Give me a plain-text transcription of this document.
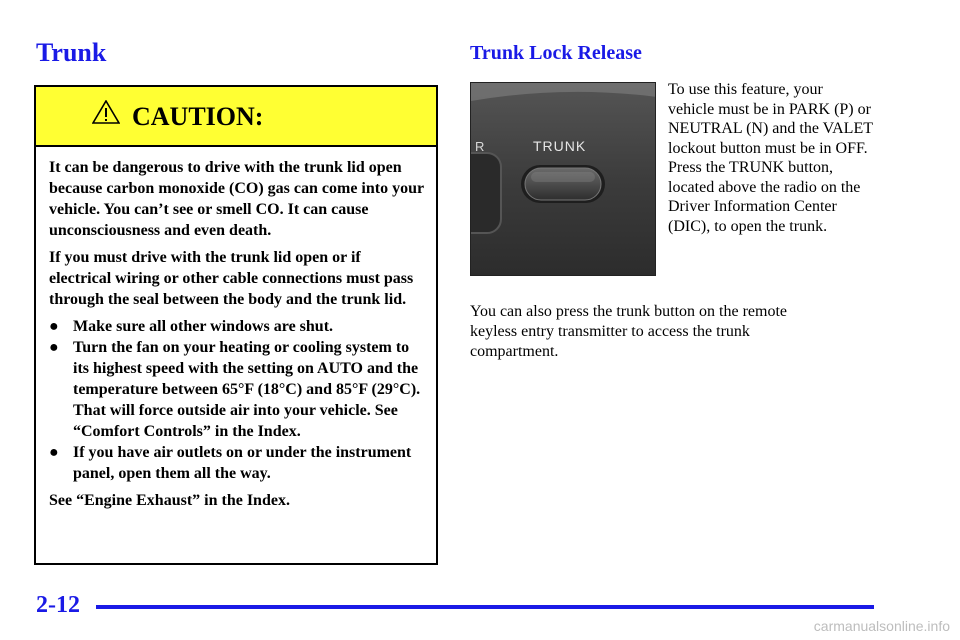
Trunk
CAUTION:

It can be dangerous to drive with the trunk lid open because carbon monoxide (CO) gas can come into your vehicle. You can’t see or smell CO. It can cause unconsciousness and even death.

If you must drive with the trunk lid open or if electrical wiring or other cable connections must pass through the seal between the body and the trunk lid.

● Make sure all other windows are shut.
● Turn the fan on your heating or cooling system to its highest speed with the setting on AUTO and the temperature between 65°F (18°C) and 85°F (29°C). That will force outside air into your vehicle. See “Comfort Controls” in the Index.
● If you have air outlets on or under the instrument panel, open them all the way.

See “Engine Exhaust” in the Index.

Trunk Lock Release
R	TRUNK

To use this feature, your vehicle must be in PARK (P) or NEUTRAL (N) and the VALET lockout button must be in OFF. Press the TRUNK button, located above the radio on the Driver Information Center (DIC), to open the trunk.

You can also press the trunk button on the remote keyless entry transmitter to access the trunk compartment.

2-12

carmanualsonline.info
